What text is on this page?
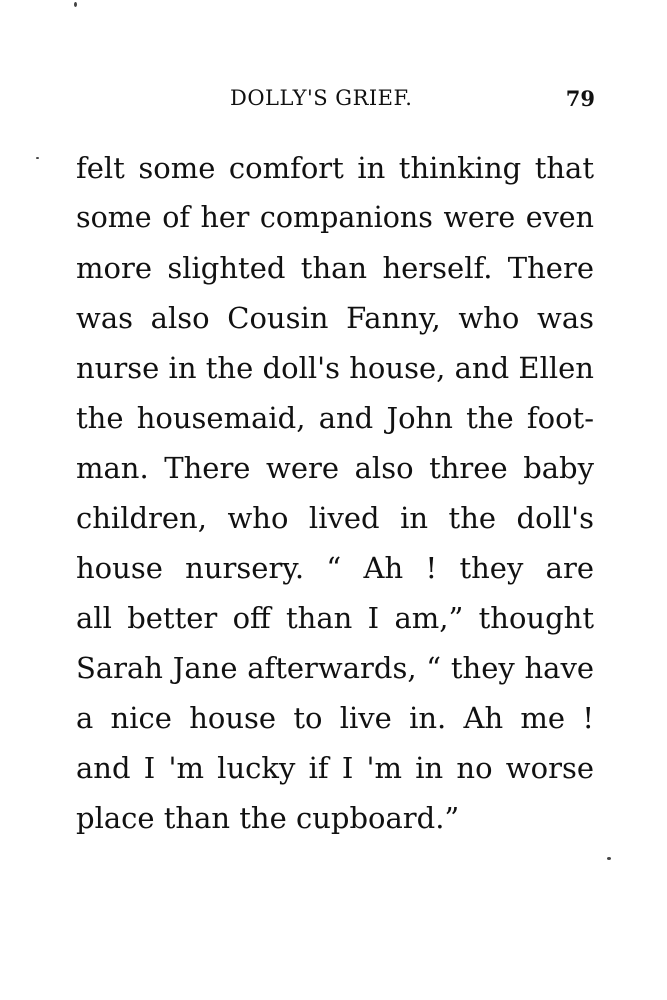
DOLLY'S GRIEF.	79
felt some comfort in thinking that
some of her companions were even
more slighted than herself. There
was also Cousin Fanny, who was
nurse in the doll's house, and Ellen
the housemaid, and John the foot-
man. There were also three baby
children, who lived in the doll's
house nursery. “ Ah ! they are
all better off than I am,” thought
Sarah Jane afterwards, “ they have
a nice house to live in. Ah me !
and I 'm lucky if I 'm in no worse
place than the cupboard.”
